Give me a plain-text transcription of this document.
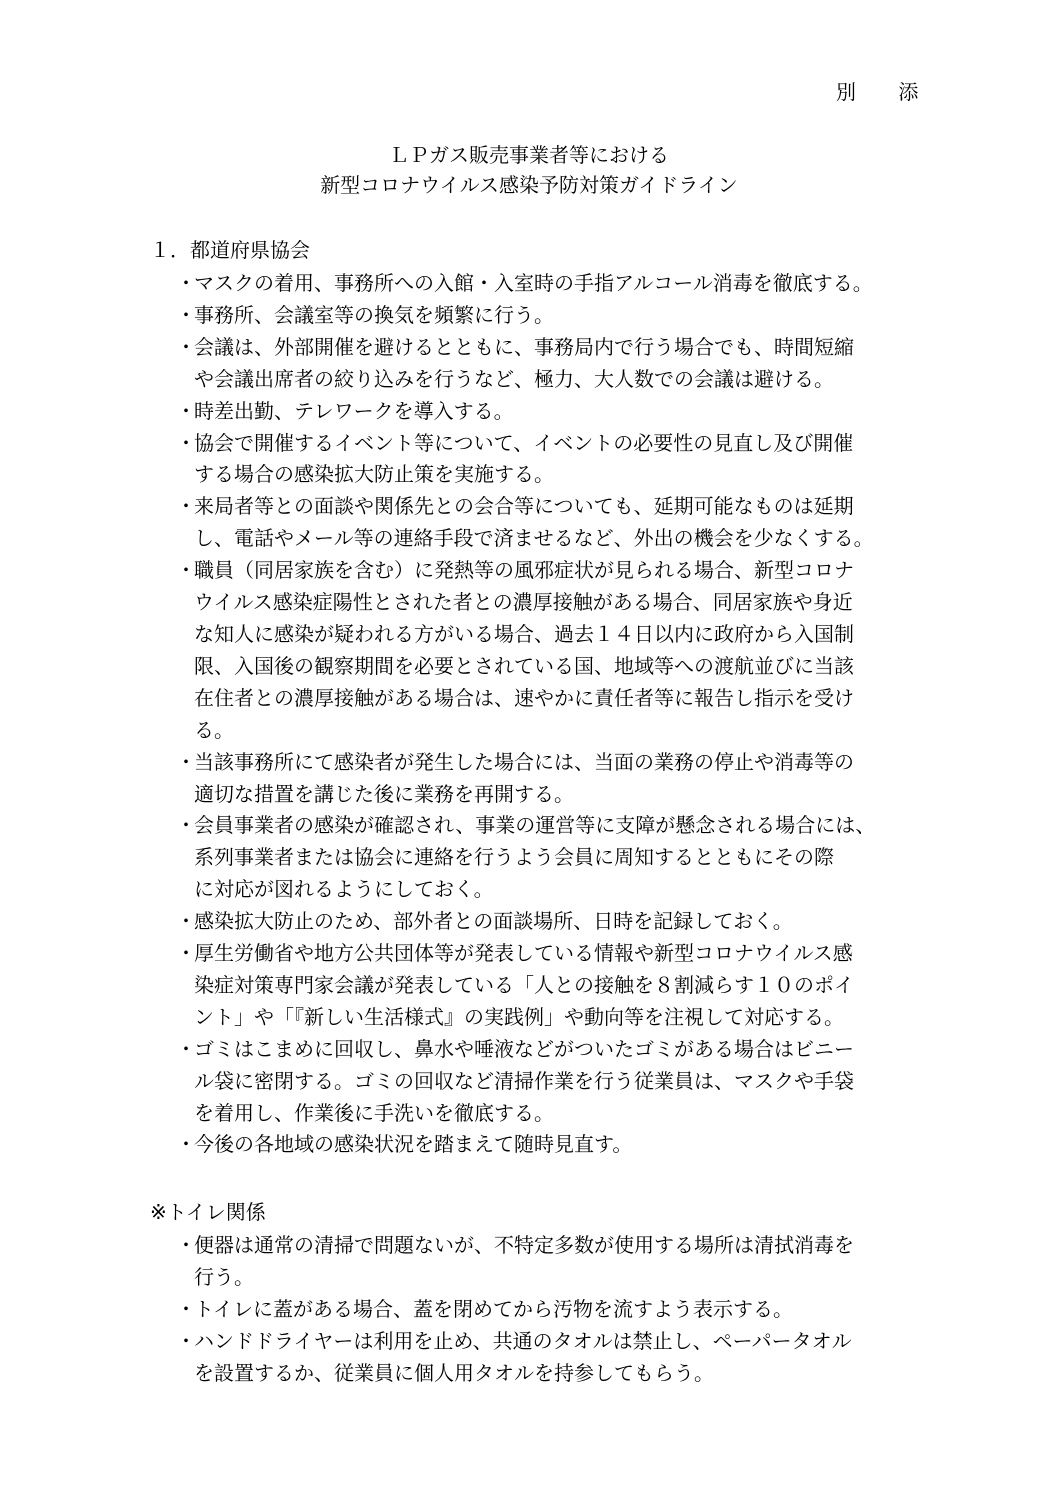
別 添
ＬＰガス販売事業者等における
新型コロナウイルス感染予防対策ガイドライン
１．都道府県協会
・
マスクの着用、事務所への入館・入室時の手指アルコール消毒を徹底する。
・
事務所、会議室等の換気を頻繁に行う。
・
会議は、外部開催を避けるとともに、事務局内で行う場合でも、時間短縮
や会議出席者の絞り込みを行うなど、極力、大人数での会議は避ける。
・
時差出勤、テレワークを導入する。
・
協会で開催するイベント等について、イベントの必要性の見直し及び開催
する場合の感染拡大防止策を実施する。
・
来局者等との面談や関係先との会合等についても、延期可能なものは延期
し、電話やメール等の連絡手段で済ませるなど、外出の機会を少なくする。
・
職員（同居家族を含む）に発熱等の風邪症状が見られる場合、新型コロナ
ウイルス感染症陽性とされた者との濃厚接触がある場合、同居家族や身近
な知人に感染が疑われる方がいる場合、過去１４日以内に政府から入国制
限、入国後の観察期間を必要とされている国、地域等への渡航並びに当該
在住者との濃厚接触がある場合は、速やかに責任者等に報告し指示を受け
る。
・
当該事務所にて感染者が発生した場合には、当面の業務の停止や消毒等の
適切な措置を講じた後に業務を再開する。
・
会員事業者の感染が確認され、事業の運営等に支障が懸念される場合には、
系列事業者または協会に連絡を行うよう会員に周知するとともにその際
に対応が図れるようにしておく。
・
感染拡大防止のため、部外者との面談場所、日時を記録しておく。
・
厚生労働省や地方公共団体等が発表している情報や新型コロナウイルス感
染症対策専門家会議が発表している「人との接触を８割減らす１０のポイ
ント」や「『新しい生活様式』の実践例」や動向等を注視して対応する。
・
ゴミはこまめに回収し、鼻水や唾液などがついたゴミがある場合はビニー
ル袋に密閉する。ゴミの回収など清掃作業を行う従業員は、マスクや手袋
を着用し、作業後に手洗いを徹底する。
・
今後の各地域の感染状況を踏まえて随時見直す。
※トイレ関係
・
便器は通常の清掃で問題ないが、不特定多数が使用する場所は清拭消毒を
行う。
・
トイレに蓋がある場合、蓋を閉めてから汚物を流すよう表示する。
・
ハンドドライヤーは利用を止め、共通のタオルは禁止し、ペーパータオル
を設置するか、従業員に個人用タオルを持参してもらう。
